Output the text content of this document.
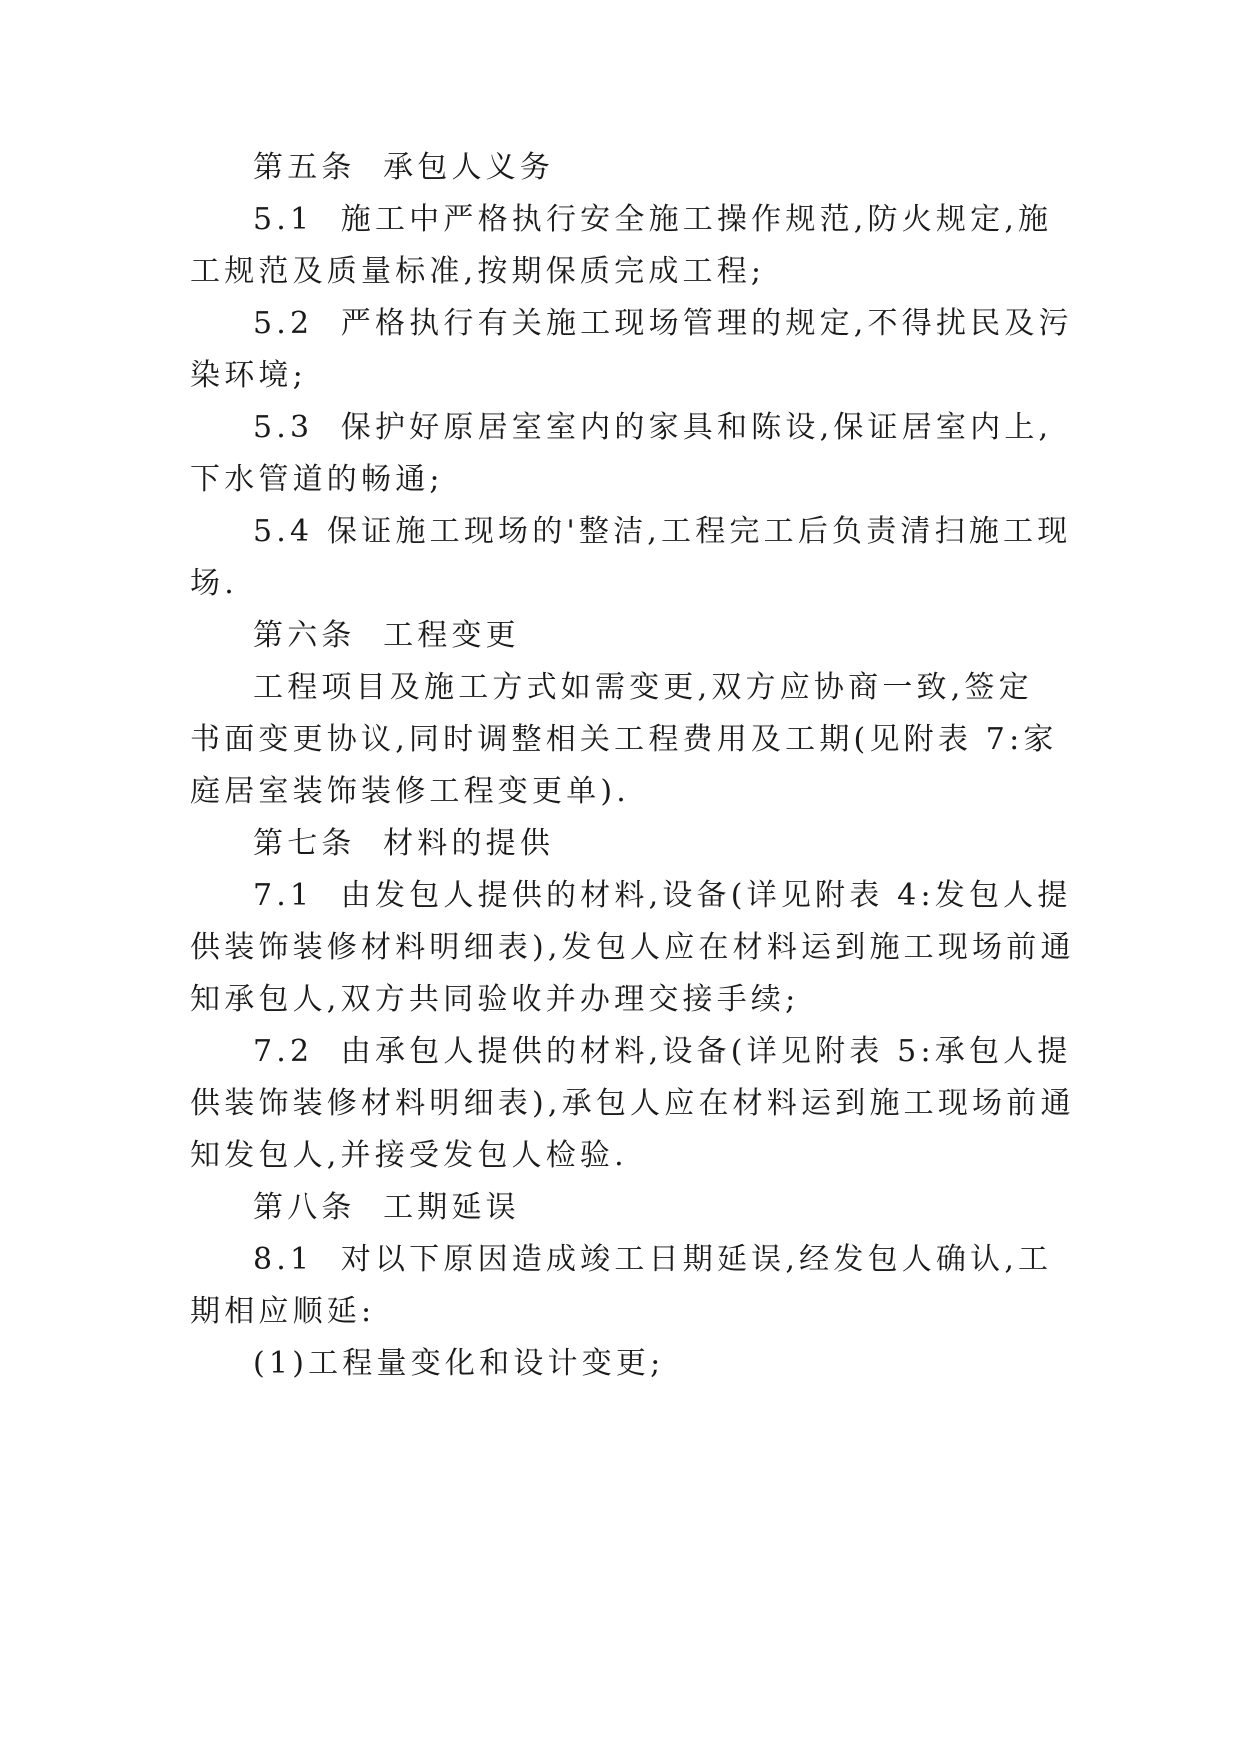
第五条  承包人义务
5.1  施工中严格执行安全施工操作规范,防火规定,施
工规范及质量标准,按期保质完成工程;
5.2  严格执行有关施工现场管理的规定,不得扰民及污
染环境;
5.3  保护好原居室室内的家具和陈设,保证居室内上,
下水管道的畅通;
5.4 保证施工现场的'整洁,工程完工后负责清扫施工现
场.
第六条  工程变更
工程项目及施工方式如需变更,双方应协商一致,签定
书面变更协议,同时调整相关工程费用及工期(见附表 7:家
庭居室装饰装修工程变更单).
第七条  材料的提供
7.1  由发包人提供的材料,设备(详见附表 4:发包人提
供装饰装修材料明细表),发包人应在材料运到施工现场前通
知承包人,双方共同验收并办理交接手续;
7.2  由承包人提供的材料,设备(详见附表 5:承包人提
供装饰装修材料明细表),承包人应在材料运到施工现场前通
知发包人,并接受发包人检验.
第八条  工期延误
8.1  对以下原因造成竣工日期延误,经发包人确认,工
期相应顺延:
(1)工程量变化和设计变更;
